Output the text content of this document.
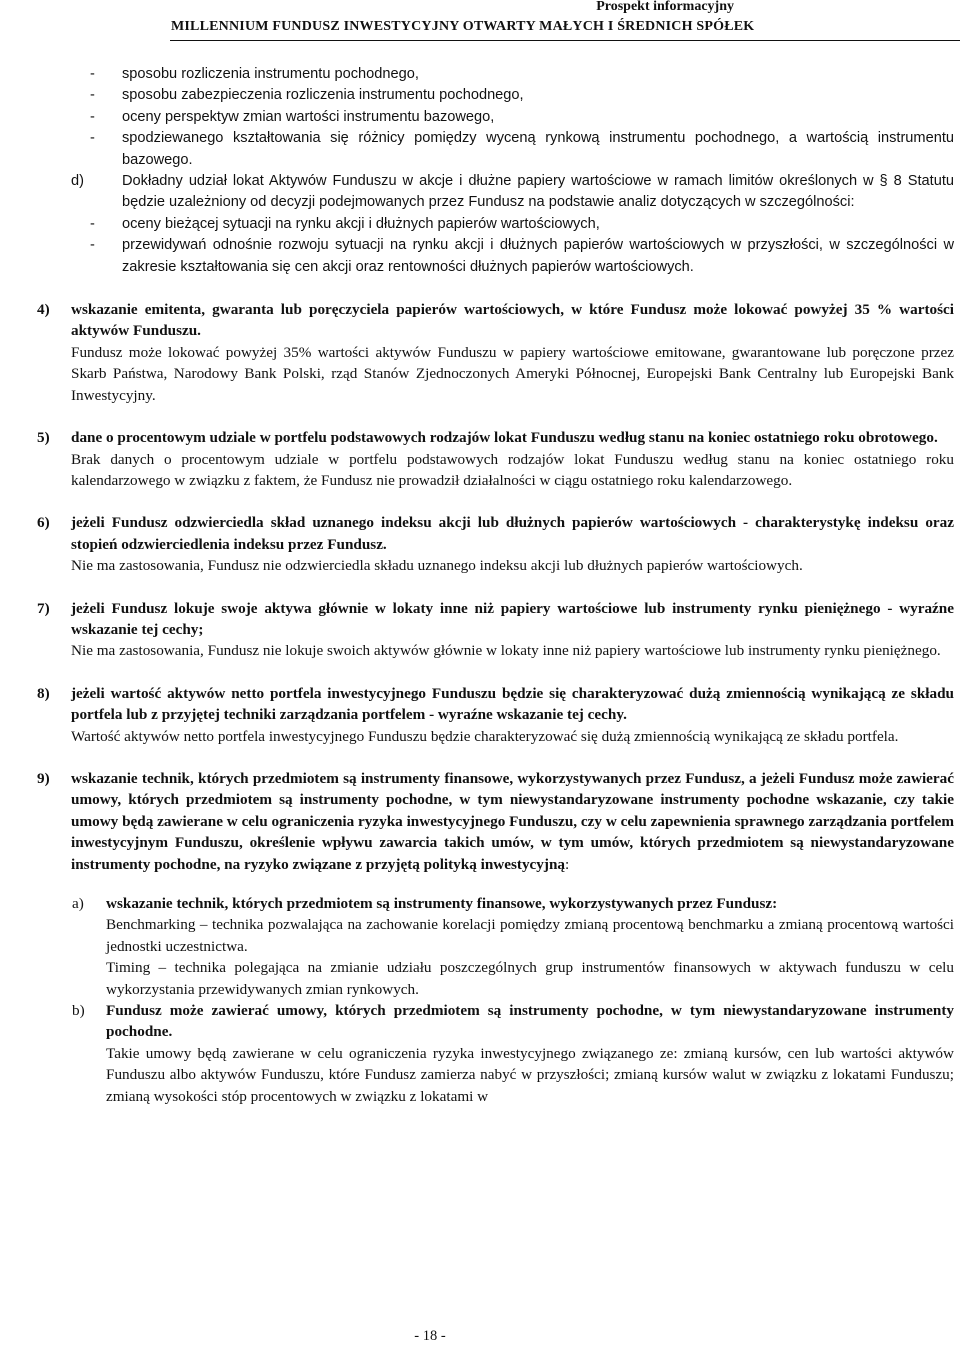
Prospekt informacyjny
MILLENNIUM FUNDUSZ INWESTYCYJNY OTWARTY MAŁYCH I ŚREDNICH SPÓŁEK

- sposobu rozliczenia instrumentu pochodnego,

- sposobu zabezpieczenia rozliczenia instrumentu pochodnego,

- oceny perspektyw zmian wartości instrumentu bazowego,

- spodziewanego kształtowania się różnicy pomiędzy wyceną rynkową instrumentu pochodnego, a wartością instrumentu bazowego.

d)	Dokładny udział lokat Aktywów Funduszu w akcje i dłużne papiery wartościowe w ramach limitów określonych w § 8 Statutu będzie uzależniony od decyzji podejmowanych przez Fundusz na podstawie analiz dotyczących w szczególności:

- oceny bieżącej sytuacji na rynku akcji i dłużnych papierów wartościowych,

- przewidywań odnośnie rozwoju sytuacji na rynku akcji i dłużnych papierów wartościowych w przyszłości, w szczególności w zakresie kształtowania się cen akcji oraz rentowności dłużnych papierów wartościowych.

4) wskazanie emitenta, gwaranta lub poręczyciela papierów wartościowych, w które Fundusz może lokować powyżej 35 % wartości aktywów Funduszu.

Fundusz może lokować powyżej 35% wartości aktywów Funduszu w papiery wartościowe emitowane, gwarantowane lub poręczone przez Skarb Państwa, Narodowy Bank Polski, rząd Stanów Zjednoczonych Ameryki Północnej, Europejski Bank Centralny lub Europejski Bank Inwestycyjny.

5) dane o procentowym udziale w portfelu podstawowych rodzajów lokat Funduszu według stanu na koniec ostatniego roku obrotowego.

Brak danych o procentowym udziale w portfelu podstawowych rodzajów lokat Funduszu według stanu na koniec ostatniego roku kalendarzowego w związku z faktem, że Fundusz nie prowadził działalności w ciągu ostatniego roku kalendarzowego.

6) jeżeli Fundusz odzwierciedla skład uznanego indeksu akcji lub dłużnych papierów wartościowych - charakterystykę indeksu oraz stopień odzwierciedlenia indeksu przez Fundusz.

Nie ma zastosowania, Fundusz nie odzwierciedla składu uznanego indeksu akcji lub dłużnych papierów wartościowych.

7) jeżeli Fundusz lokuje swoje aktywa głównie w lokaty inne niż papiery wartościowe lub instrumenty rynku pieniężnego - wyraźne wskazanie tej cechy;

Nie ma zastosowania, Fundusz nie lokuje swoich aktywów głównie w lokaty inne niż papiery wartościowe lub instrumenty rynku pieniężnego.

8) jeżeli wartość aktywów netto portfela inwestycyjnego Funduszu będzie się charakteryzować dużą zmiennością wynikającą ze składu portfela lub z przyjętej techniki zarządzania portfelem - wyraźne wskazanie tej cechy.

Wartość aktywów netto portfela inwestycyjnego Funduszu będzie charakteryzować się dużą zmiennością wynikającą ze składu portfela.

9) wskazanie technik, których przedmiotem są instrumenty finansowe, wykorzystywanych przez Fundusz, a jeżeli Fundusz może zawierać umowy, których przedmiotem są instrumenty pochodne, w tym niewystandaryzowane instrumenty pochodne wskazanie, czy takie umowy będą zawierane w celu ograniczenia ryzyka inwestycyjnego Funduszu, czy w celu zapewnienia sprawnego zarządzania portfelem inwestycyjnym Funduszu, określenie wpływu zawarcia takich umów, w tym umów, których przedmiotem są niewystandaryzowane instrumenty pochodne, na ryzyko związane z przyjętą polityką inwestycyjną:

a) wskazanie technik, których przedmiotem są instrumenty finansowe, wykorzystywanych przez Fundusz:

Benchmarking – technika pozwalająca na zachowanie korelacji pomiędzy zmianą procentową benchmarku a zmianą procentową wartości jednostki uczestnictwa.

Timing – technika polegająca na zmianie udziału poszczególnych grup instrumentów finansowych w aktywach funduszu w celu wykorzystania przewidywanych zmian rynkowych.

b) Fundusz może zawierać umowy, których przedmiotem są instrumenty pochodne, w tym niewystandaryzowane instrumenty pochodne.

Takie umowy będą zawierane w celu ograniczenia ryzyka inwestycyjnego związanego ze: zmianą kursów, cen lub wartości aktywów Funduszu albo aktywów Funduszu, które Fundusz zamierza nabyć w przyszłości; zmianą kursów walut w związku z lokatami Funduszu; zmianą wysokości stóp procentowych w związku z lokatami w

- 18 -
